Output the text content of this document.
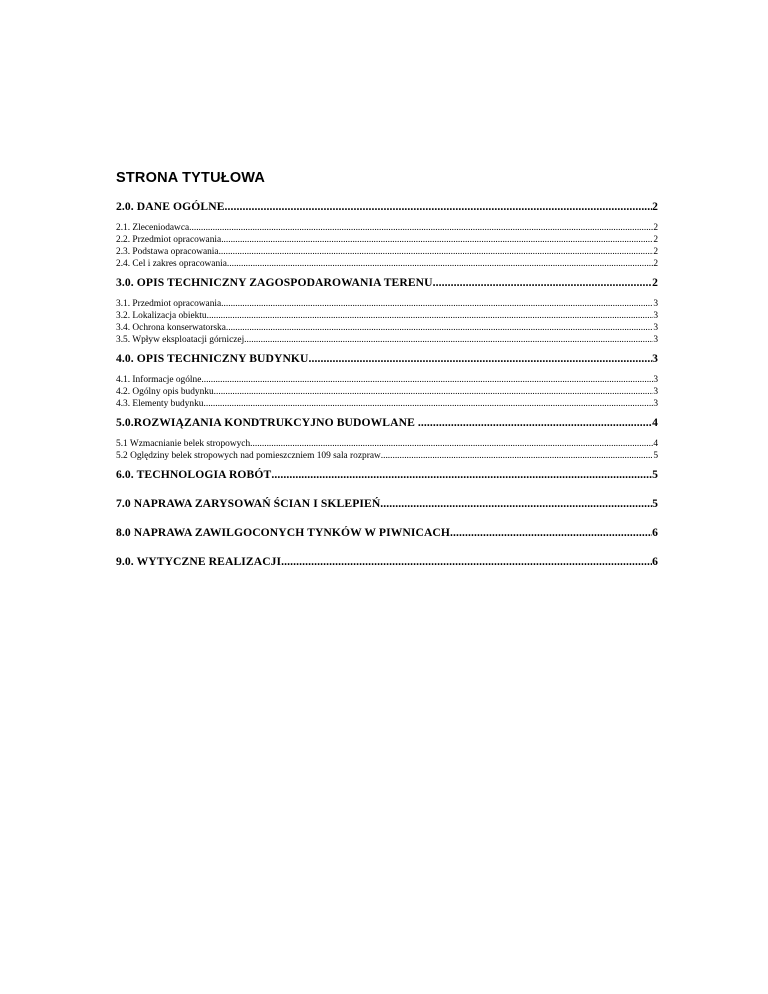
STRONA TYTUŁOWA
2.0. DANE OGÓLNE .....	2
2.1. Zleceniodawca .....	2
2.2. Przedmiot opracowania .....	2
2.3. Podstawa opracowania .....	2
2.4. Cel i zakres opracowania .....	2
3.0. OPIS TECHNICZNY ZAGOSPODAROWANIA TERENU. .....	2
3.1. Przedmiot opracowania. .....	3
3.2. Lokalizacja obiektu. .....	3
3.4. Ochrona konserwatorska. .....	3
3.5. Wpływ eksploatacji górniczej. .....	3
4.0. OPIS TECHNICZNY BUDYNKU .....	3
4.1. Informacje ogólne. .....	3
4.2. Ogólny opis budynku .....	3
4.3. Elementy budynku. .....	3
5.0.ROZWIĄZANIA KONDTRUKCYJNO BUDOWLANE . .....	4
5.1 Wzmacnianie belek stropowych .....	4
5.2 Oględziny belek stropowych nad pomieszczniem 109 sala rozpraw .....	5
6.0. TECHNOLOGIA ROBÓT .....	5
7.0 NAPRAWA ZARYSOWAŃ ŚCIAN I SKLEPIEŃ .....	5
8.0 NAPRAWA ZAWILGOCONYCH TYNKÓW W PIWNICACH .....	6
9.0. WYTYCZNE REALIZACJI .....	6
